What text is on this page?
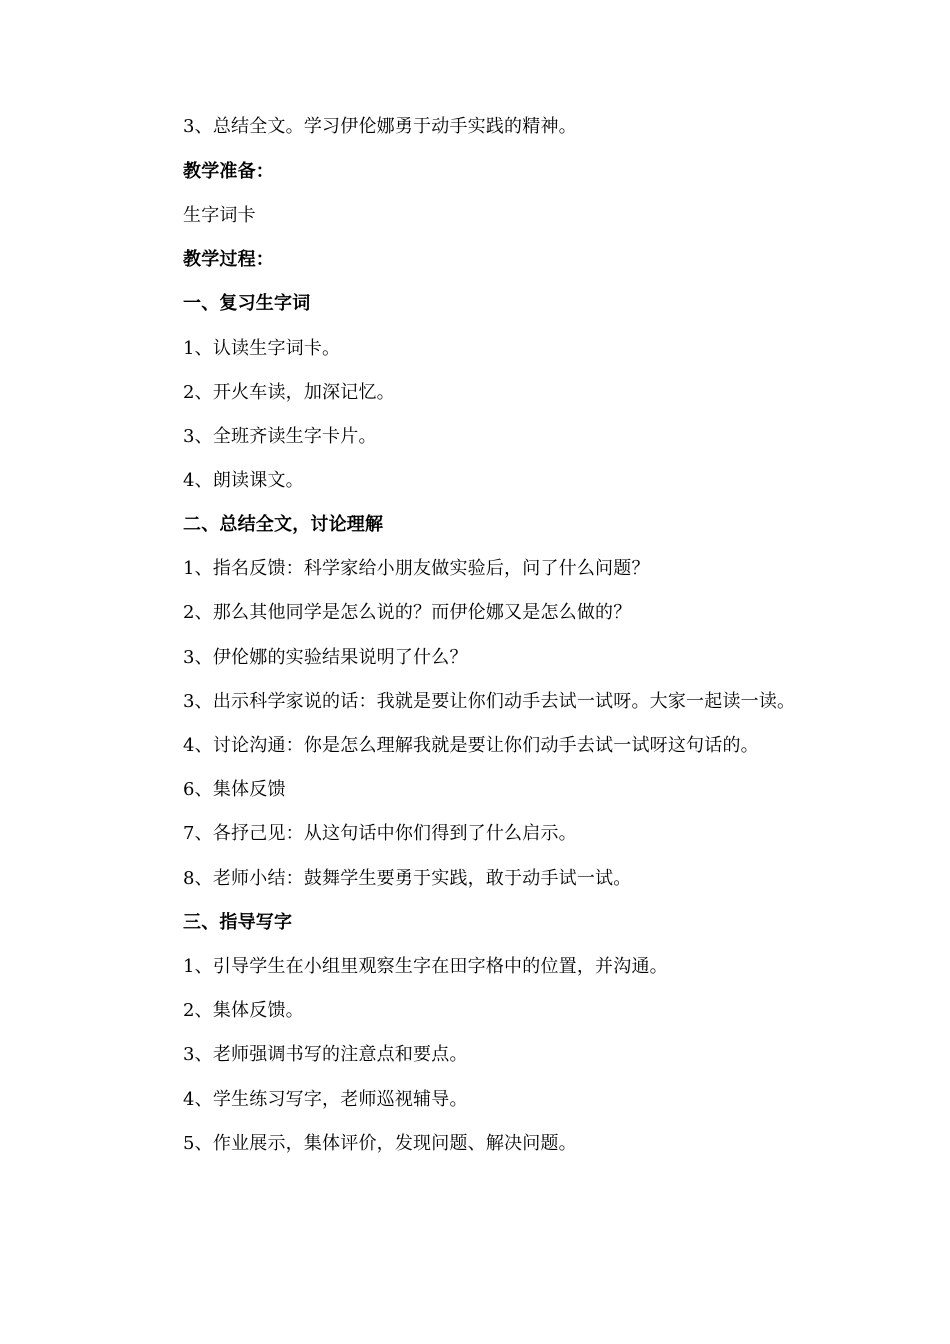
3、总结全文。学习伊伦娜勇于动手实践的精神。
教学准备：
生字词卡
教学过程：
一、复习生字词
1、认读生字词卡。
2、开火车读，加深记忆。
3、全班齐读生字卡片。
4、朗读课文。
二、总结全文，讨论理解
1、指名反馈：科学家给小朋友做实验后，问了什么问题？
2、那么其他同学是怎么说的？而伊伦娜又是怎么做的？
3、伊伦娜的实验结果说明了什么？
3、出示科学家说的话：我就是要让你们动手去试一试呀。大家一起读一读。
4、讨论沟通：你是怎么理解我就是要让你们动手去试一试呀这句话的。
6、集体反馈
7、各抒己见：从这句话中你们得到了什么启示。
8、老师小结：鼓舞学生要勇于实践，敢于动手试一试。
三、指导写字
1、引导学生在小组里观察生字在田字格中的位置，并沟通。
2、集体反馈。
3、老师强调书写的注意点和要点。
4、学生练习写字，老师巡视辅导。
5、作业展示，集体评价，发现问题、解决问题。
